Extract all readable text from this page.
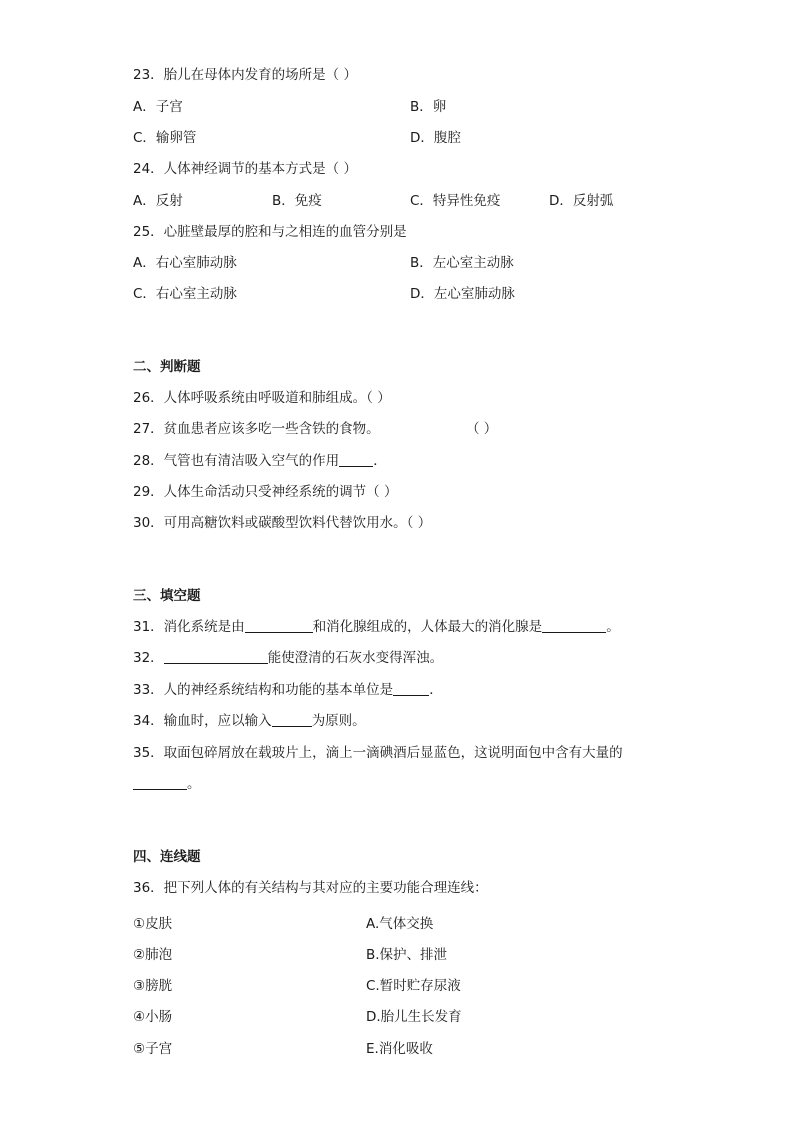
23．胎儿在母体内发育的场所是（ ）
A．子宫	B．卵
C．输卵管	D．腹腔
24．人体神经调节的基本方式是（ ）
A．反射	B．免疫	C．特异性免疫	D．反射弧
25．心脏壁最厚的腔和与之相连的血管分别是
A．右心室肺动脉	B．左心室主动脉
C．右心室主动脉	D．左心室肺动脉
二、判断题
26．人体呼吸系统由呼吸道和肺组成。（ ）
27．贫血患者应该多吃一些含铁的食物。	（ ）
28．气管也有清洁吸入空气的作用	．
29．人体生命活动只受神经系统的调节（ ）
30．可用高糖饮料或碳酸型饮料代替饮用水。（ ）
三、填空题
31．消化系统是由	和消化腺组成的，人体最大的消化腺是	。
32．	能使澄清的石灰水变得浑浊。
33．人的神经系统结构和功能的基本单位是	．
34．输血时，应以输入	为原则。
35．取面包碎屑放在载玻片上，滴上一滴碘酒后显蓝色，这说明面包中含有大量的
。
四、连线题
36．把下列人体的有关结构与其对应的主要功能合理连线：
①皮肤	A.气体交换
②肺泡	B.保护、排泄
③膀胱	C.暂时贮存尿液
④小肠	D.胎儿生长发育
⑤子宫	E.消化吸收
